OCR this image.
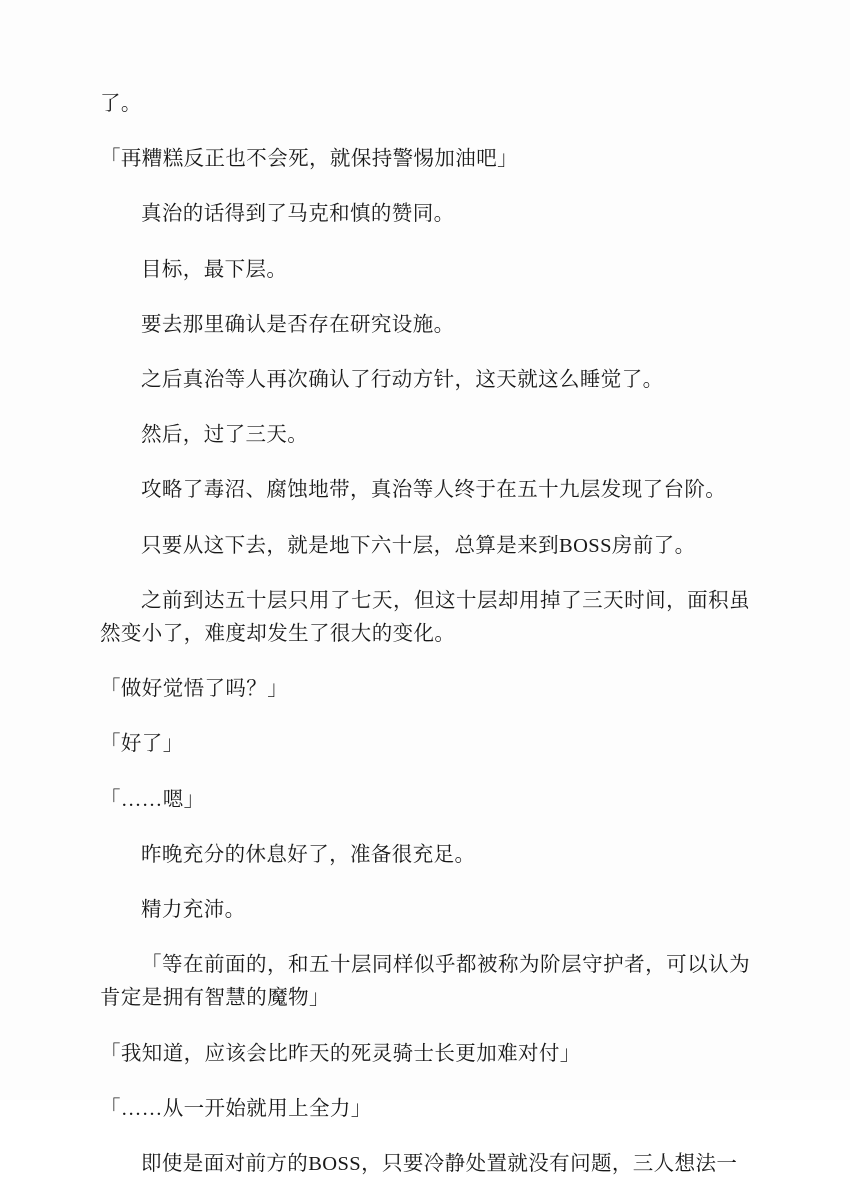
了。

「再糟糕反正也不会死，就保持警惕加油吧」

真治的话得到了马克和慎的赞同。

目标，最下层。

要去那里确认是否存在研究设施。

之后真治等人再次确认了行动方针，这天就这么睡觉了。

然后，过了三天。

攻略了毒沼、腐蚀地带，真治等人终于在五十九层发现了台阶。

只要从这下去，就是地下六十层，总算是来到BOSS房前了。

之前到达五十层只用了七天，但这十层却用掉了三天时间，面积虽然变小了，难度却发生了很大的变化。

「做好觉悟了吗？」

「好了」

「……嗯」

昨晚充分的休息好了，准备很充足。

精力充沛。

「等在前面的，和五十层同样似乎都被称为阶层守护者，可以认为肯定是拥有智慧的魔物」

「我知道，应该会比昨天的死灵骑士长更加难对付」

「……从一开始就用上全力」

即使是面对前方的BOSS，只要冷静处置就没有问题，三人想法一
